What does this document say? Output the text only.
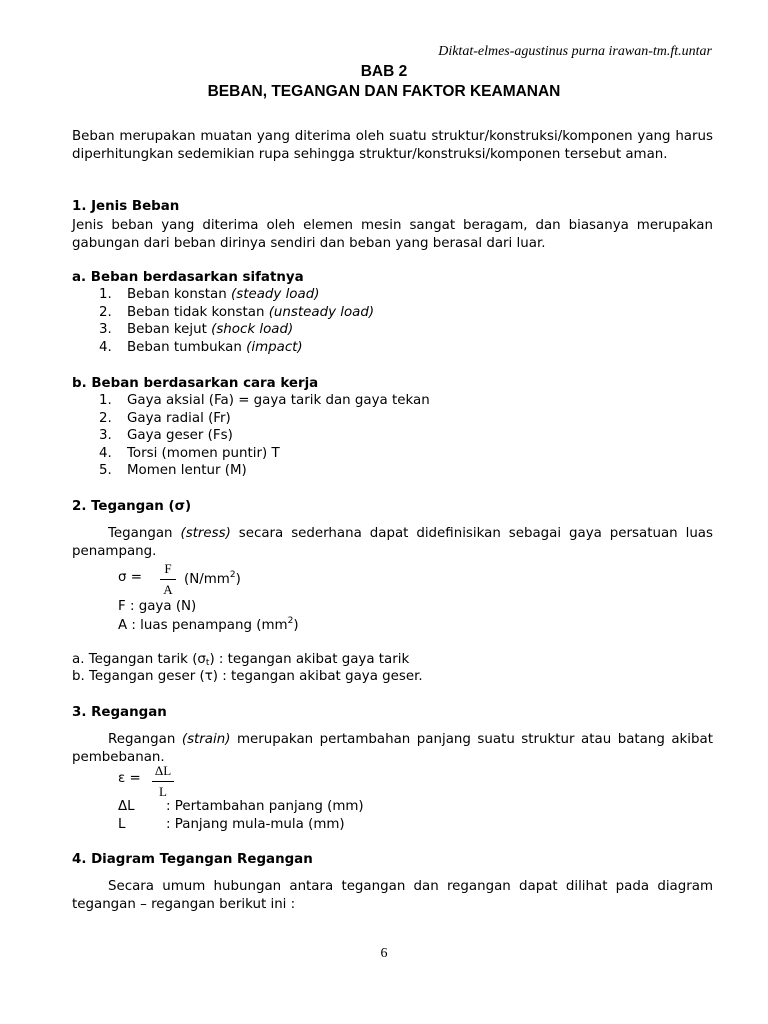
Diktat-elmes-agustinus purna irawan-tm.ft.untar
BAB 2
BEBAN, TEGANGAN DAN FAKTOR KEAMANAN
Beban merupakan muatan yang diterima oleh suatu struktur/konstruksi/komponen yang harus diperhitungkan sedemikian rupa sehingga struktur/konstruksi/komponen tersebut aman.
1. Jenis Beban
Jenis beban yang diterima oleh elemen mesin sangat beragam, dan biasanya merupakan gabungan dari beban dirinya sendiri dan beban yang berasal dari luar.
a. Beban berdasarkan sifatnya
1. Beban konstan (steady load)
2. Beban tidak konstan (unsteady load)
3. Beban kejut (shock load)
4. Beban tumbukan (impact)
b. Beban berdasarkan cara kerja
1. Gaya aksial (Fa) = gaya tarik dan gaya tekan
2. Gaya radial (Fr)
3. Gaya geser (Fs)
4. Torsi (momen puntir) T
5. Momen lentur (M)
2. Tegangan (σ)
Tegangan (stress) secara sederhana dapat didefinisikan sebagai gaya persatuan luas penampang.
σ =
F
A
$(N/mm^2)$
F : gaya (N)
A : luas penampang $(mm^2)$
a. Tegangan tarik $(\sigma_t)$ : tegangan akibat gaya tarik
b. Tegangan geser (τ) : tegangan akibat gaya geser.
3. Regangan
Regangan (strain) merupakan pertambahan panjang suatu struktur atau batang akibat pembebanan.
ε =
ΔL
L
ΔL : Pertambahan panjang (mm)
L	: Panjang mula-mula (mm)
4. Diagram Tegangan Regangan
Secara umum hubungan antara tegangan dan regangan dapat dilihat pada diagram tegangan – regangan berikut ini :
6
